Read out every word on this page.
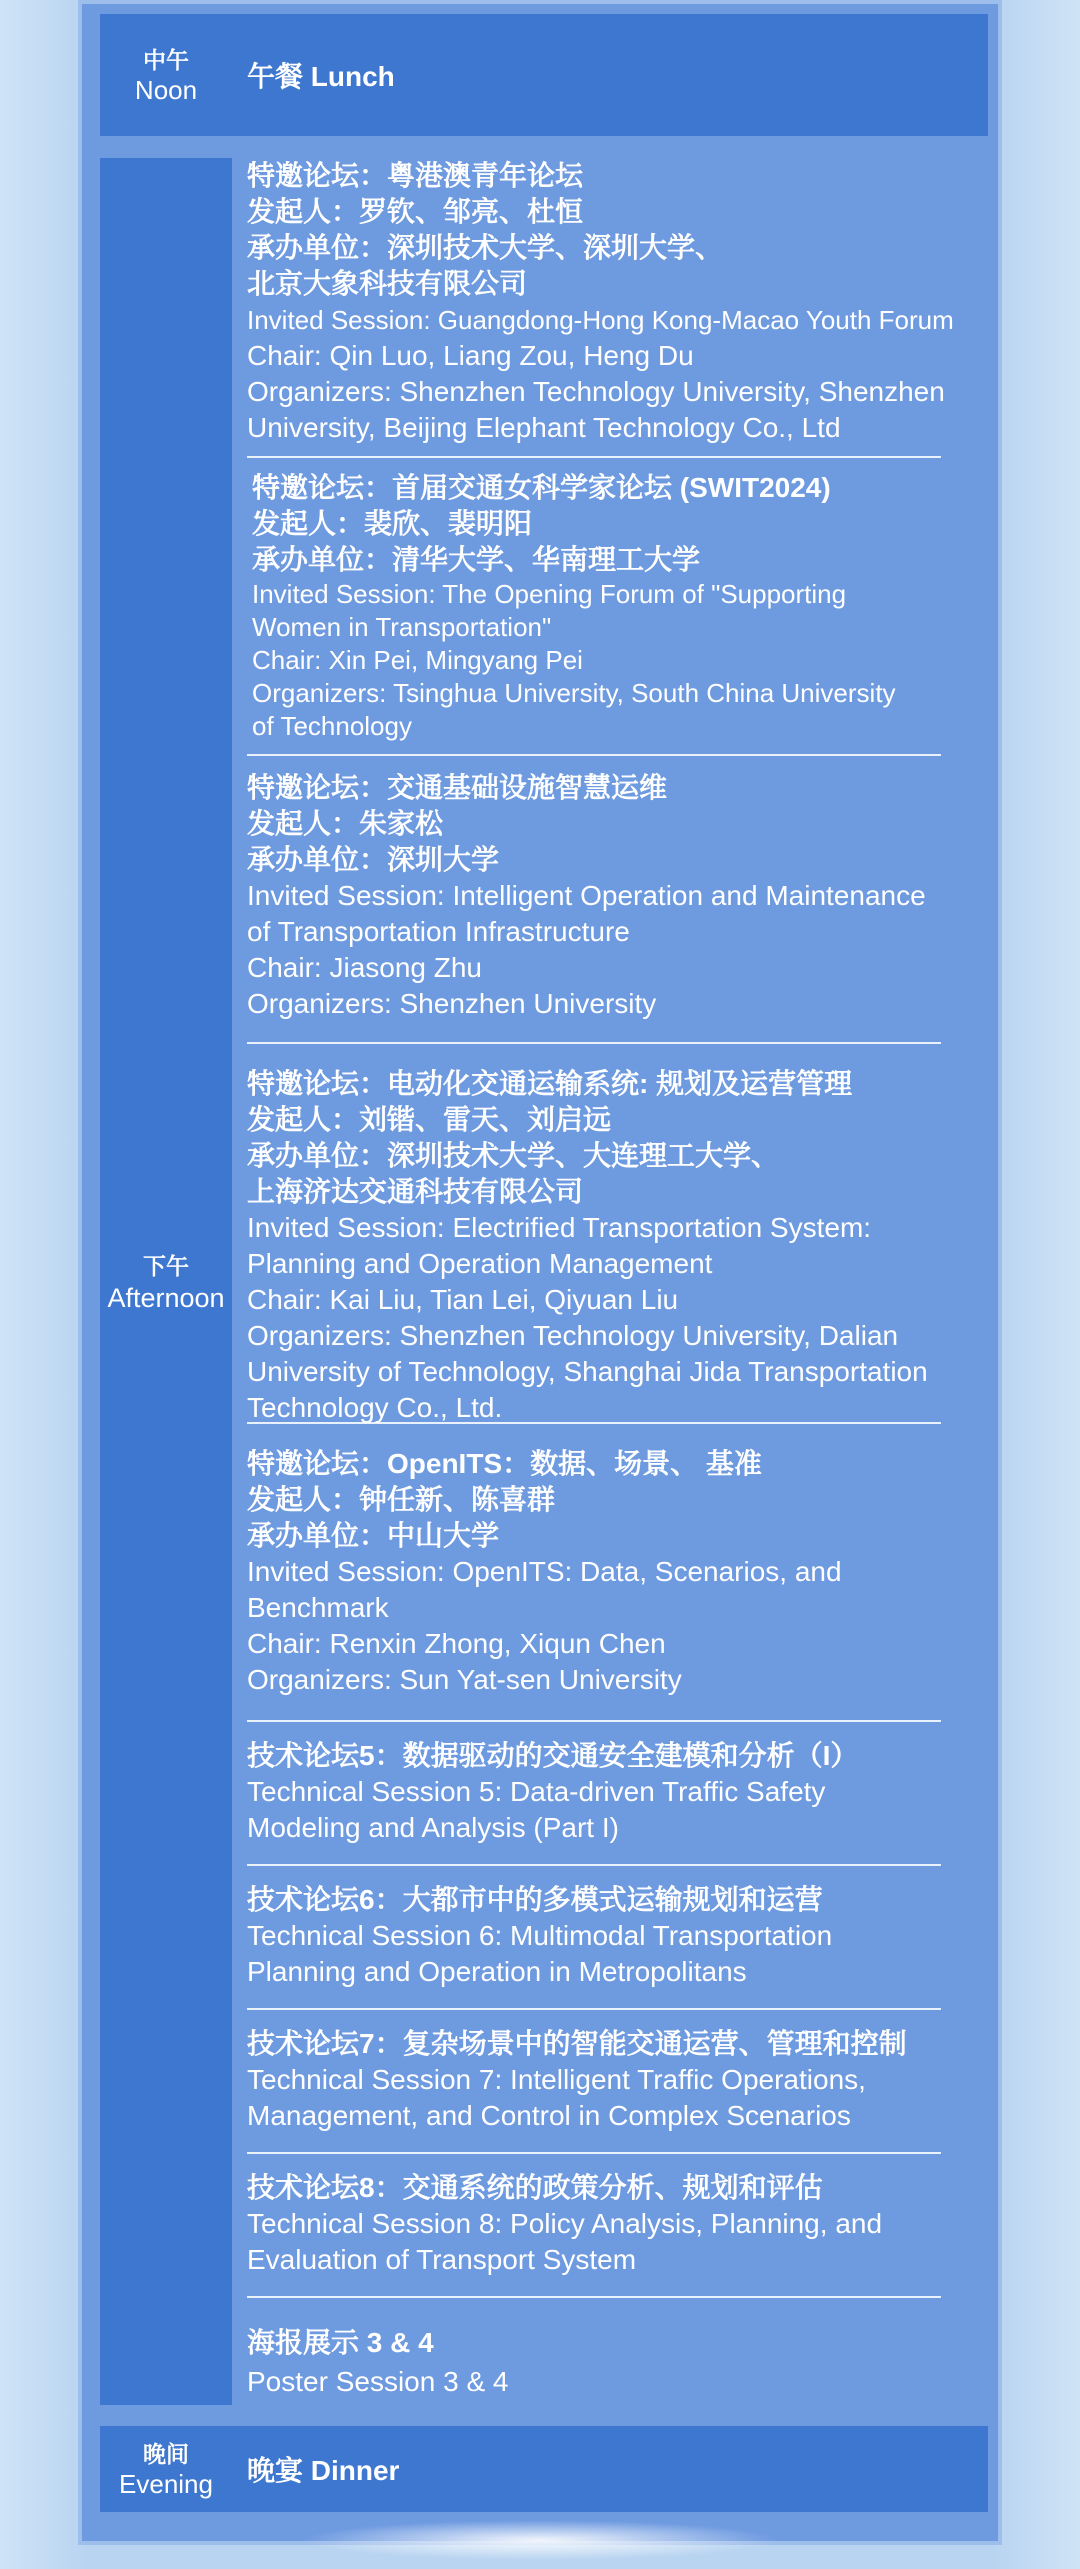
中午
Noon 午餐 Lunch
下午
Afternoon
特邀论坛：粤港澳青年论坛
发起人：罗钦、邹亮、杜恒
承办单位：深圳技术大学、深圳大学、
北京大象科技有限公司
Invited Session: Guangdong-Hong Kong-Macao Youth Forum
Chair: Qin Luo, Liang Zou, Heng Du
Organizers: Shenzhen Technology University, Shenzhen
University, Beijing Elephant Technology Co., Ltd
特邀论坛：首届交通女科学家论坛 (SWIT2024)
发起人：裴欣、裴明阳
承办单位：清华大学、华南理工大学
Invited Session: The Opening Forum of "Supporting
Women in Transportation"
Chair: Xin Pei, Mingyang Pei
Organizers: Tsinghua University, South China University
of Technology
特邀论坛：交通基础设施智慧运维
发起人：朱家松
承办单位：深圳大学
Invited Session: Intelligent Operation and Maintenance
of Transportation Infrastructure
Chair: Jiasong Zhu
Organizers: Shenzhen University
特邀论坛：电动化交通运输系统: 规划及运营管理
发起人：刘锴、雷天、刘启远
承办单位：深圳技术大学、大连理工大学、
上海济达交通科技有限公司
Invited Session: Electrified Transportation System:
Planning and Operation Management
Chair: Kai Liu, Tian Lei, Qiyuan Liu
Organizers: Shenzhen Technology University, Dalian
University of Technology, Shanghai Jida Transportation
Technology Co., Ltd.
特邀论坛：OpenITS：数据、场景、 基准
发起人：钟任新、陈喜群
承办单位：中山大学
Invited Session: OpenITS: Data, Scenarios, and
Benchmark
Chair: Renxin Zhong, Xiqun Chen
Organizers: Sun Yat-sen University
技术论坛5：数据驱动的交通安全建模和分析（I）
Technical Session 5: Data-driven Traffic Safety
Modeling and Analysis (Part I)
技术论坛6：大都市中的多模式运输规划和运营
Technical Session 6: Multimodal Transportation
Planning and Operation in Metropolitans
技术论坛7：复杂场景中的智能交通运营、管理和控制
Technical Session 7: Intelligent Traffic Operations,
Management, and Control in Complex Scenarios
技术论坛8：交通系统的政策分析、规划和评估
Technical Session 8: Policy Analysis, Planning, and
Evaluation of Transport System
海报展示 3 & 4
Poster Session 3 & 4
晚间
Evening 晚宴 Dinner
